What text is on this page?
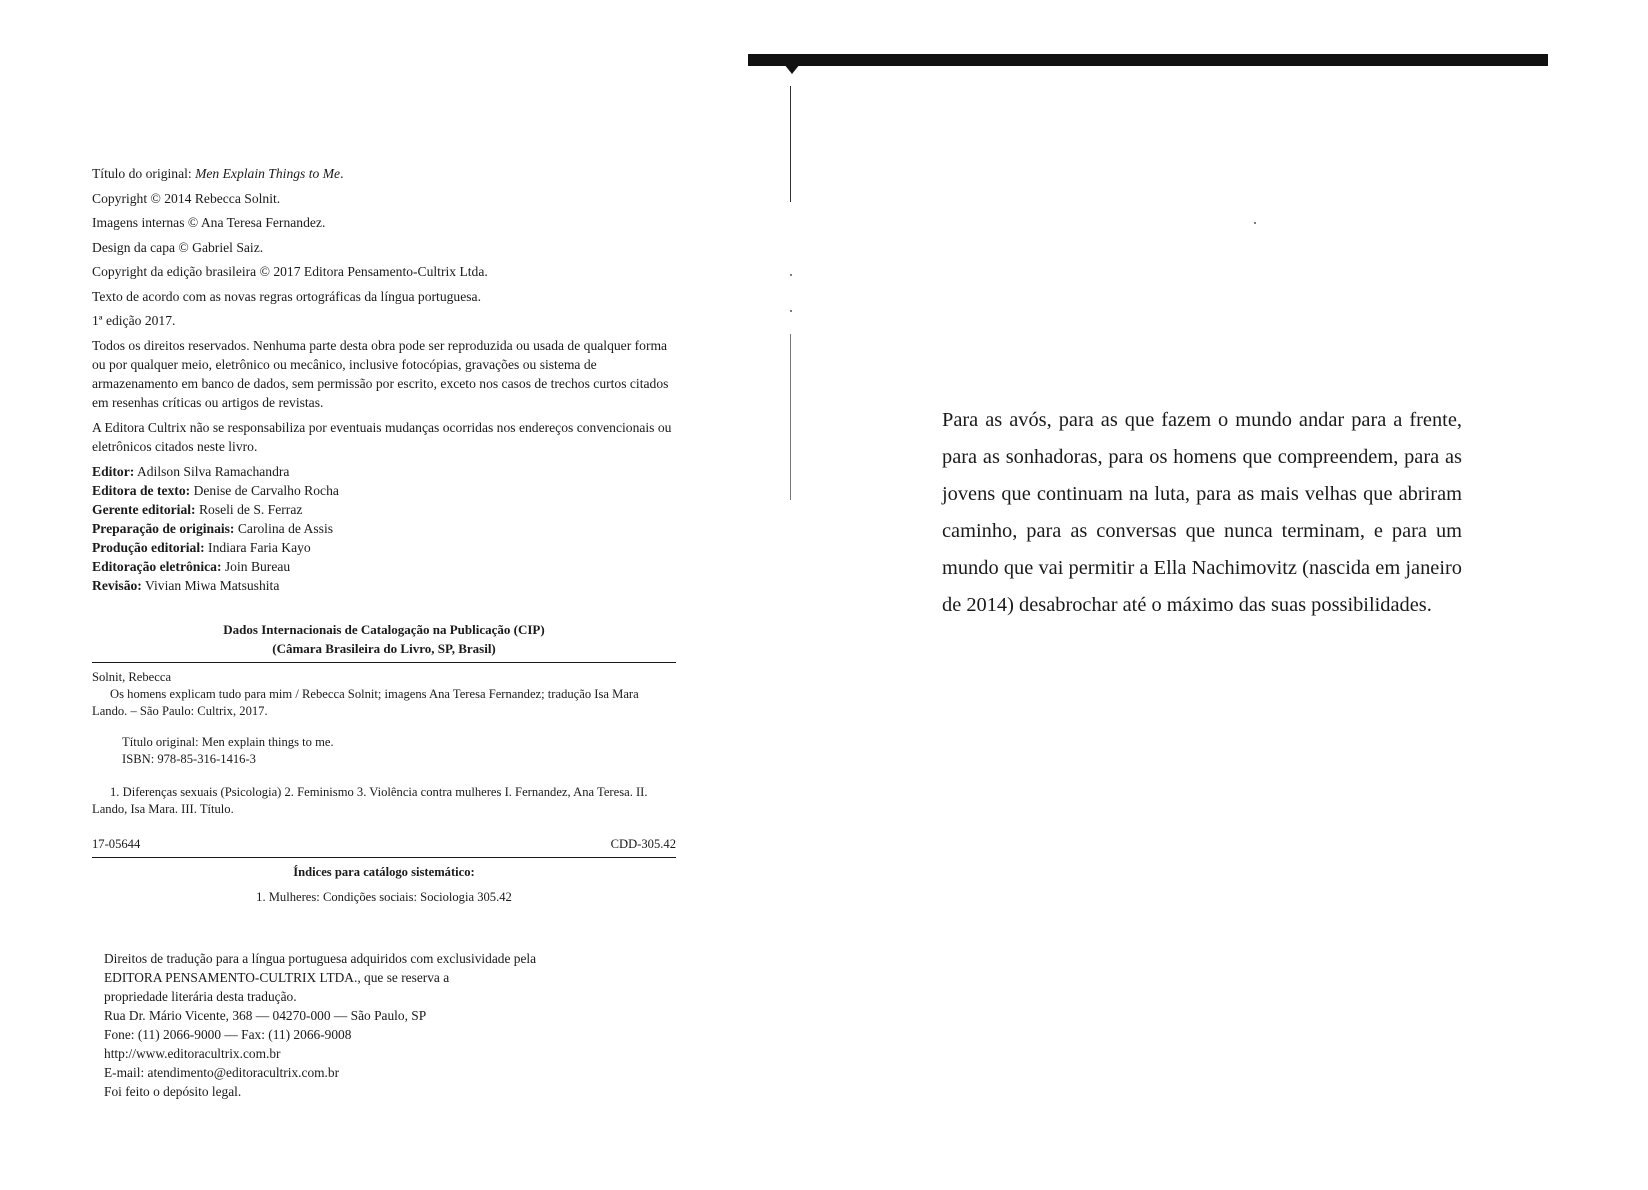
Título do original: Men Explain Things to Me.

Copyright © 2014 Rebecca Solnit.

Imagens internas © Ana Teresa Fernandez.

Design da capa © Gabriel Saiz.

Copyright da edição brasileira © 2017 Editora Pensamento-Cultrix Ltda.

Texto de acordo com as novas regras ortográficas da língua portuguesa.

1ª edição 2017.

Todos os direitos reservados. Nenhuma parte desta obra pode ser reproduzida ou usada de qualquer forma ou por qualquer meio, eletrônico ou mecânico, inclusive fotocópias, gravações ou sistema de armazenamento em banco de dados, sem permissão por escrito, exceto nos casos de trechos curtos citados em resenhas críticas ou artigos de revistas.

A Editora Cultrix não se responsabiliza por eventuais mudanças ocorridas nos endereços convencionais ou eletrônicos citados neste livro.

Editor: Adilson Silva Ramachandra
Editora de texto: Denise de Carvalho Rocha
Gerente editorial: Roseli de S. Ferraz
Preparação de originais: Carolina de Assis
Produção editorial: Indiara Faria Kayo
Editoração eletrônica: Join Bureau
Revisão: Vivian Miwa Matsushita
Dados Internacionais de Catalogação na Publicação (CIP)
(Câmara Brasileira do Livro, SP, Brasil)
Solnit, Rebecca
Os homens explicam tudo para mim / Rebecca Solnit; imagens Ana Teresa Fernandez; tradução Isa Mara Lando. – São Paulo: Cultrix, 2017.
Título original: Men explain things to me.
ISBN: 978-85-316-1416-3
1. Diferenças sexuais (Psicologia) 2. Feminismo 3. Violência contra mulheres I. Fernandez, Ana Teresa. II. Lando, Isa Mara. III. Título.
17-05644	CDD-305.42
Índices para catálogo sistemático:
1. Mulheres: Condições sociais: Sociologia 305.42
Direitos de tradução para a língua portuguesa adquiridos com exclusividade pela
EDITORA PENSAMENTO-CULTRIX LTDA., que se reserva a
propriedade literária desta tradução.
Rua Dr. Mário Vicente, 368 — 04270-000 — São Paulo, SP
Fone: (11) 2066-9000 — Fax: (11) 2066-9008
http://www.editoracultrix.com.br
E-mail: atendimento@editoracultrix.com.br
Foi feito o depósito legal.
Para as avós, para as que fazem o mundo andar para a frente, para as sonhadoras, para os homens que compreendem, para as jovens que continuam na luta, para as mais velhas que abriram caminho, para as conversas que nunca terminam, e para um mundo que vai permitir a Ella Nachimovitz (nascida em janeiro de 2014) desabrochar até o máximo das suas possibilidades.
